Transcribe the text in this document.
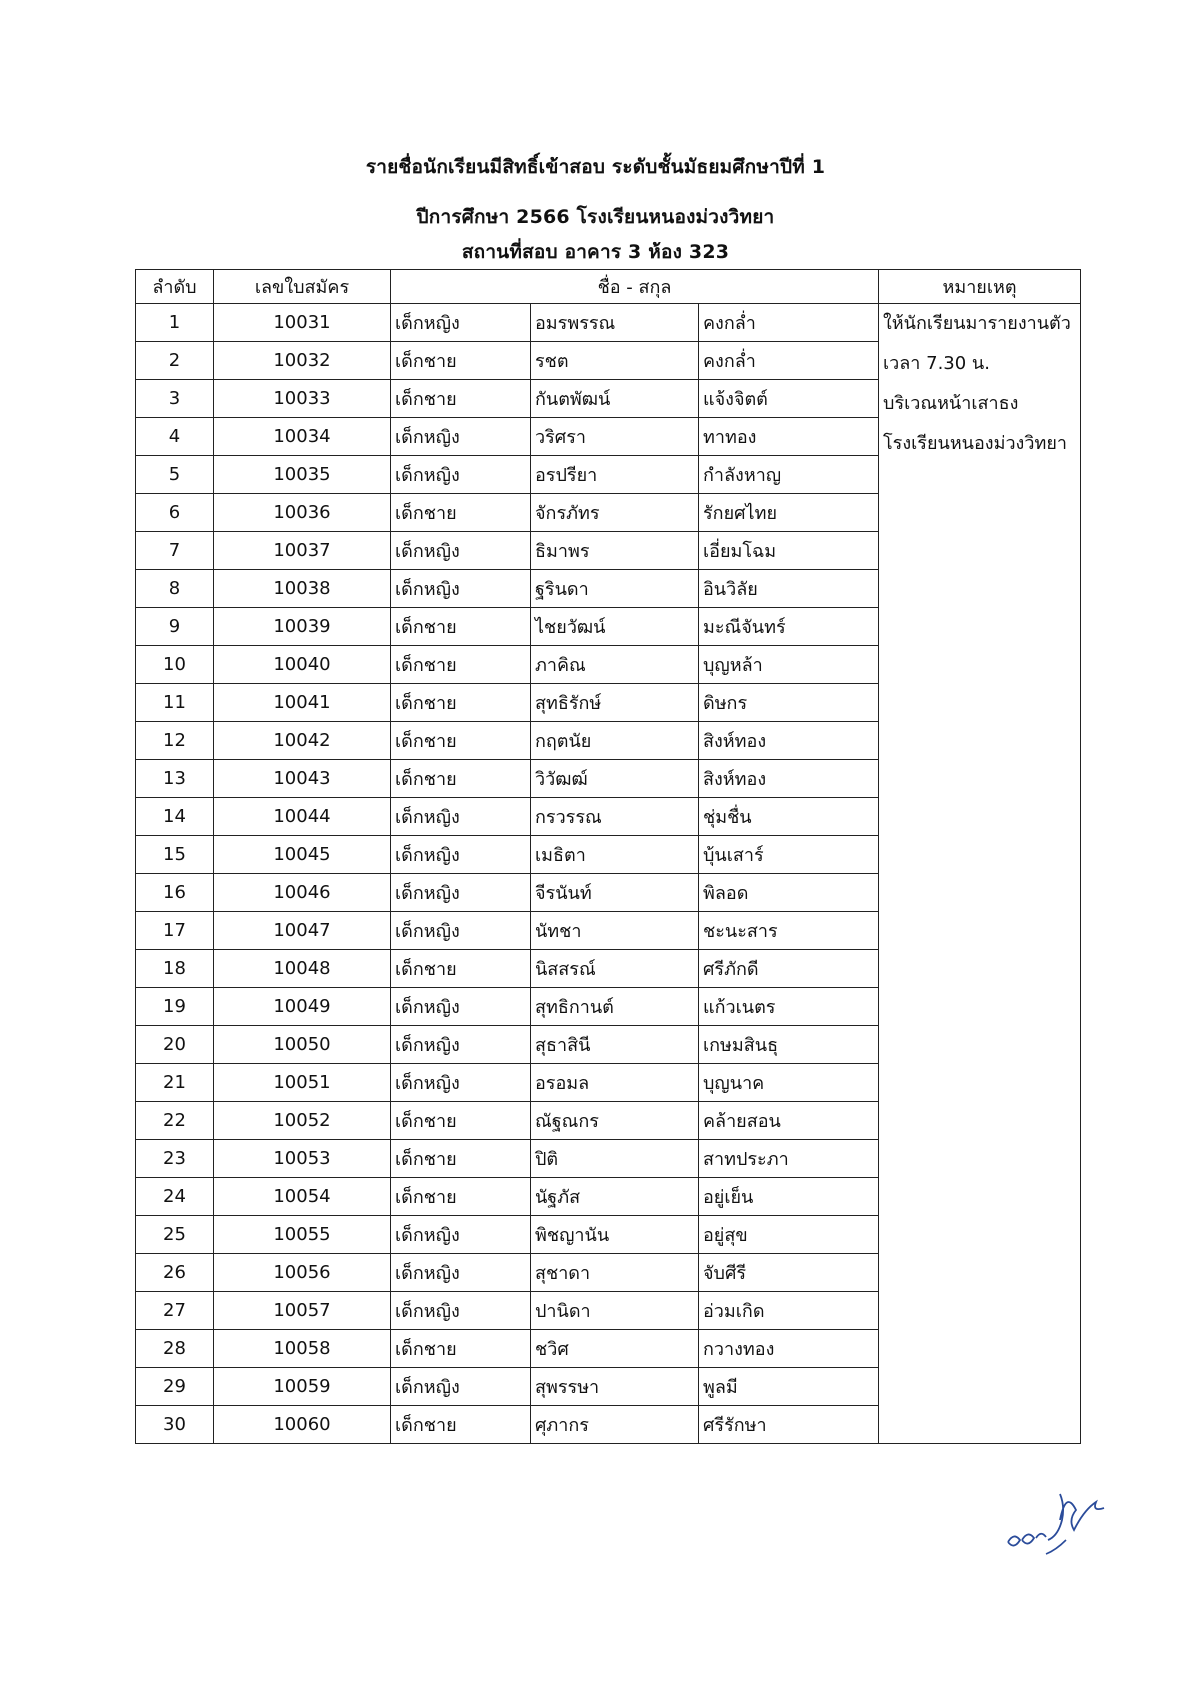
รายชื่อนักเรียนมีสิทธิ์เข้าสอบ ระดับชั้นมัธยมศึกษาปีที่ 1
ปีการศึกษา 2566 โรงเรียนหนองม่วงวิทยา
สถานที่สอบ อาคาร 3 ห้อง 323
ลำดับ	เลขใบสมัคร	ชื่อ - สกุล			หมายเหตุ
1	10031	เด็กหญิง	อมรพรรณ	คงกล่ำ	ให้นักเรียนมารายงานตัว
เวลา 7.30 น.
บริเวณหน้าเสาธง
โรงเรียนหนองม่วงวิทยา

2	10032	เด็กชาย	รชต	คงกล่ำ	
3	10033	เด็กชาย	กันตพัฒน์	แจ้งจิตต์	
4	10034	เด็กหญิง	วริศรา	ทาทอง	
5	10035	เด็กหญิง	อรปรียา	กำลังหาญ	
6	10036	เด็กชาย	จักรภัทร	รักยศไทย	
7	10037	เด็กหญิง	ธิมาพร	เอี่ยมโฉม	
8	10038	เด็กหญิง	ฐรินดา	อินวิลัย	
9	10039	เด็กชาย	ไชยวัฒน์	มะณีจันทร์	
10	10040	เด็กชาย	ภาคิณ	บุญหล้า	
11	10041	เด็กชาย	สุทธิรักษ์	ดิษกร	
12	10042	เด็กชาย	กฤตนัย	สิงห์ทอง	
13	10043	เด็กชาย	วิวัฒฒ์	สิงห์ทอง	
14	10044	เด็กหญิง	กรวรรณ	ชุ่มชื่น	
15	10045	เด็กหญิง	เมธิตา	บุ้นเสาร์	
16	10046	เด็กหญิง	จีรนันท์	พิลอด	
17	10047	เด็กหญิง	นัทชา	ชะนะสาร	
18	10048	เด็กชาย	นิสสรณ์	ศรีภักดี	
19	10049	เด็กหญิง	สุทธิกานต์	แก้วเนตร	
20	10050	เด็กหญิง	สุธาสินี	เกษมสินธุ	
21	10051	เด็กหญิง	อรอมล	บุญนาค	
22	10052	เด็กชาย	ณัฐณกร	คล้ายสอน	
23	10053	เด็กชาย	ปิติ	สาทประภา	
24	10054	เด็กชาย	นัฐภัส	อยู่เย็น	
25	10055	เด็กหญิง	พิชญานัน	อยู่สุข	
26	10056	เด็กหญิง	สุชาดา	จับศีรี	
27	10057	เด็กหญิง	ปานิดา	อ่วมเกิด	
28	10058	เด็กชาย	ชวิศ	กวางทอง	
29	10059	เด็กหญิง	สุพรรษา	พูลมี	
30	10060	เด็กชาย	ศุภากร	ศรีรักษา	
